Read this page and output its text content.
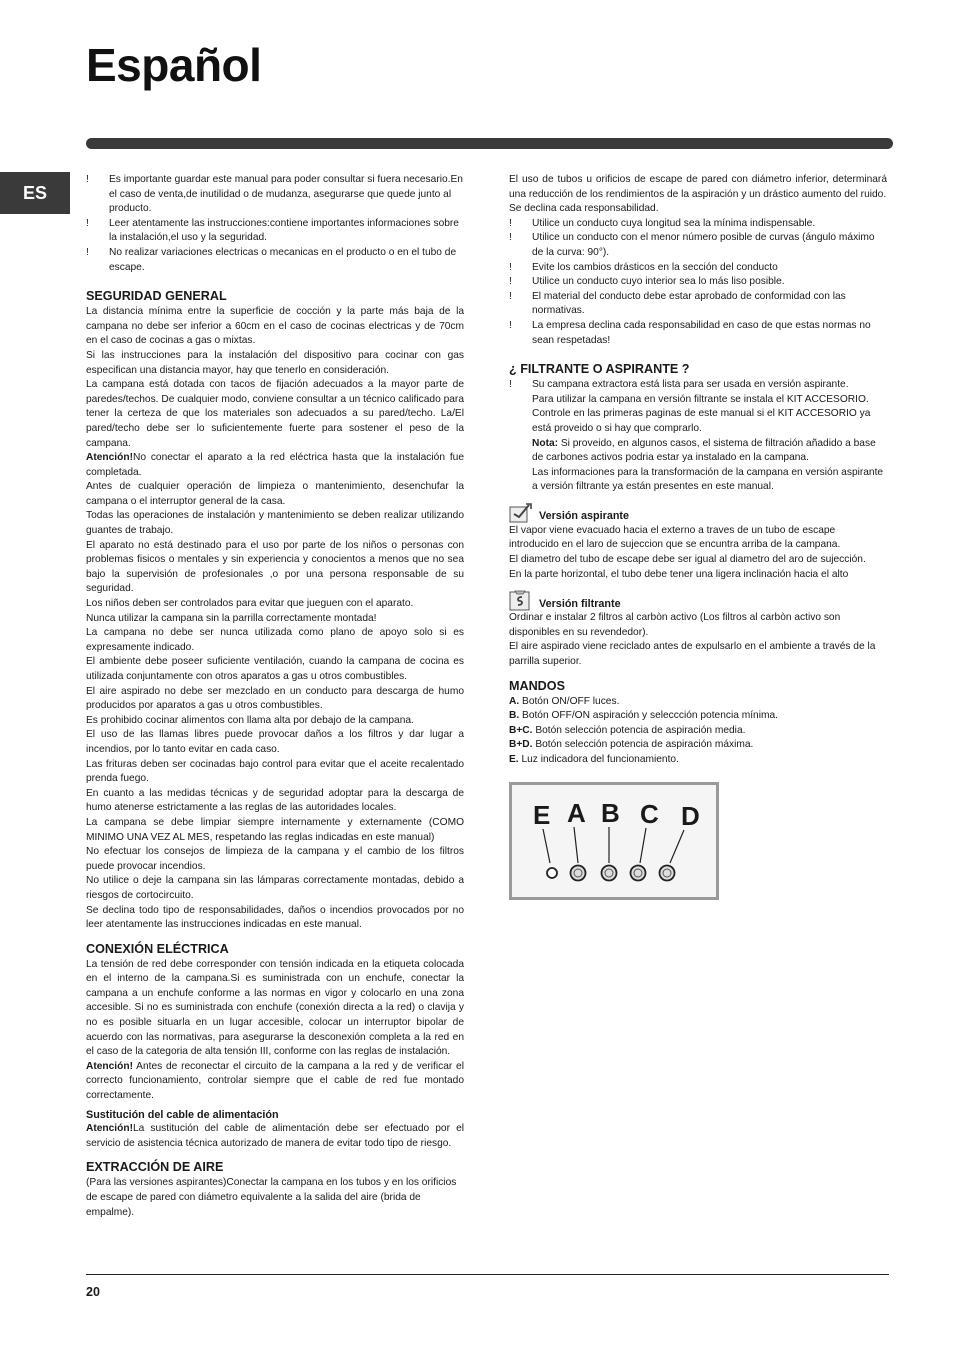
Español
ES
!	Es importante guardar este manual para poder consultar si fuera necesario.En el caso de venta,de inutilidad o de mudanza, asegurarse que quede junto al producto.
!	Leer atentamente las instrucciones:contiene importantes informaciones sobre la instalación,el uso y la seguridad.
!	No realizar variaciones electricas o mecanicas en el producto o en el tubo de escape.
SEGURIDAD GENERAL

La distancia mínima entre la superficie de cocción y la parte más baja de la campana no debe ser inferior a 60cm en el caso de cocinas electricas y de 70cm en el caso de cocinas a gas o mixtas.

Si las instrucciones para la instalación del dispositivo para cocinar con gas especifican una distancia mayor, hay que tenerlo en consideración.

La campana está dotada con tacos de fijación adecuados a la mayor parte de paredes/techos. De cualquier modo, conviene consultar a un técnico calificado para tener la certeza de que los materiales son adecuados a su pared/techo. La/El pared/techo debe ser lo suficientemente fuerte para sostener el peso de la campana.

Atención!No conectar el aparato a la red eléctrica hasta que la instalación fue completada.

Antes de cualquier operación de limpieza o mantenimiento, desenchufar la campana o el interruptor general de la casa.

Todas las operaciones de instalación y mantenimiento se deben realizar utilizando guantes de trabajo.

El aparato no está destinado para el uso por parte de los niños o personas con problemas fisicos o mentales y sin experiencia y conocientos a menos que no sea bajo la supervisión de profesionales ,o por una persona responsable de su seguridad.

Los niños deben ser controlados para evitar que jueguen con el aparato.

Nunca utilizar la campana sin la parrilla correctamente montada!

La campana no debe ser nunca utilizada como plano de apoyo solo si es expresamente indicado.

El ambiente debe poseer suficiente ventilación, cuando la campana de cocina es utilizada conjuntamente con otros aparatos a gas u otros combustibles.

El aire aspirado no debe ser mezclado en un conducto para descarga de humo producidos por aparatos a gas u otros combustibles.

Es prohibido cocinar alimentos con llama alta por debajo de la campana.

El uso de las llamas libres puede provocar daños a los filtros y dar lugar a incendios, por lo tanto evitar en cada caso.

Las frituras deben ser cocinadas bajo control para evitar que el aceite recalentado prenda fuego.

En cuanto a las medidas técnicas y de seguridad adoptar para la descarga de humo atenerse estrictamente a las reglas de las autoridades locales.

La campana se debe limpiar siempre internamente y externamente (COMO MINIMO UNA VEZ AL MES, respetando las reglas indicadas en este manual)

No efectuar los consejos de limpieza de la campana y el cambio de los filtros puede provocar incendios.

No utilice o deje la campana sin las lámparas correctamente montadas, debido a riesgos de cortocircuito.

Se declina todo tipo de responsabilidades, daños o incendios provocados por no leer atentamente las instrucciones indicadas en este manual.

CONEXIÓN ELÉCTRICA

La tensión de red debe corresponder con tensión indicada en la etiqueta colocada en el interno de la campana.Si es suministrada con un enchufe, conectar la campana a un enchufe conforme a las normas en vigor y colocarlo en una zona accesible. Si no es suministrada con enchufe (conexión directa a la red) o clavija y no es posible situarla en un lugar accesible, colocar un interruptor bipolar de acuerdo con las normativas, para asegurarse la desconexión completa a la red en el caso de la categoria de alta tensión III, conforme con las reglas de instalación.

Atención! Antes de reconectar el circuito de la campana a la red y de verificar el correcto funcionamiento, controlar siempre que el cable de red fue montado correctamente.

Sustitución del cable de alimentación

Atención!La sustitución del cable de alimentación debe ser efectuado por el servicio de asistencia técnica autorizado de manera de evitar todo tipo de riesgo.

EXTRACCIÓN DE AIRE

(Para las versiones aspirantes)Conectar la campana en los tubos y en los orificios de escape de pared con diámetro equivalente a la salida del aire (brida de empalme).

El uso de tubos u orificios de escape de pared con diámetro inferior, determinará una reducción de los rendimientos de la aspiración y un drástico aumento del ruido.

Se declina cada responsabilidad.

!	Utilice un conducto cuya longitud sea la mínima indispensable.
!	Utilice un conducto con el menor número posible de curvas (ángulo máximo de la curva: 90°).
!	Evite los cambios drásticos en la sección del conducto
!	Utilice un conducto cuyo interior sea lo más liso posible.
!	El material del conducto debe estar aprobado de conformidad con las normativas.
!	La empresa declina cada responsabilidad en caso de que estas normas no sean respetadas!
¿ FILTRANTE O ASPIRANTE ?
!	Su campana extractora está lista para ser usada en versión aspirante.
Para utilizar la campana en versión filtrante se instala el KIT ACCESORIO. Controle en las primeras paginas de este manual si el KIT ACCESORIO ya está proveido o si hay que comprarlo.
Nota: Si proveido, en algunos casos, el sistema de filtración añadido a base de carbones activos podria estar ya instalado en la campana.
Las informaciones para la transformación de la campana en versión aspirante a versión filtrante ya están presentes en este manual.
Versión aspirante
El vapor viene evacuado hacia el externo a traves de un tubo de escape introducido en el laro de sujeccion que se encuntra arriba de la campana.
El diametro del tubo de escape debe ser igual al diametro del aro de sujección.
En la parte horizontal, el tubo debe tener una ligera inclinación hacia el alto
Versión filtrante
Ordinar e instalar 2 filtros al carbòn activo (Los filtros al carbòn activo son disponibles en su revendedor).
El aire aspirado viene reciclado antes de expulsarlo en el ambiente a través de la parrilla superior.
MANDOS
A. Botón ON/OFF luces.
B. Botón OFF/ON aspiración y seleccción potencia mínima.
B+C. Botón selección potencia de aspiración media.
B+D. Botón selección potencia de aspiración máxima.
E. Luz indicadora del funcionamiento.
E A B C D
20
